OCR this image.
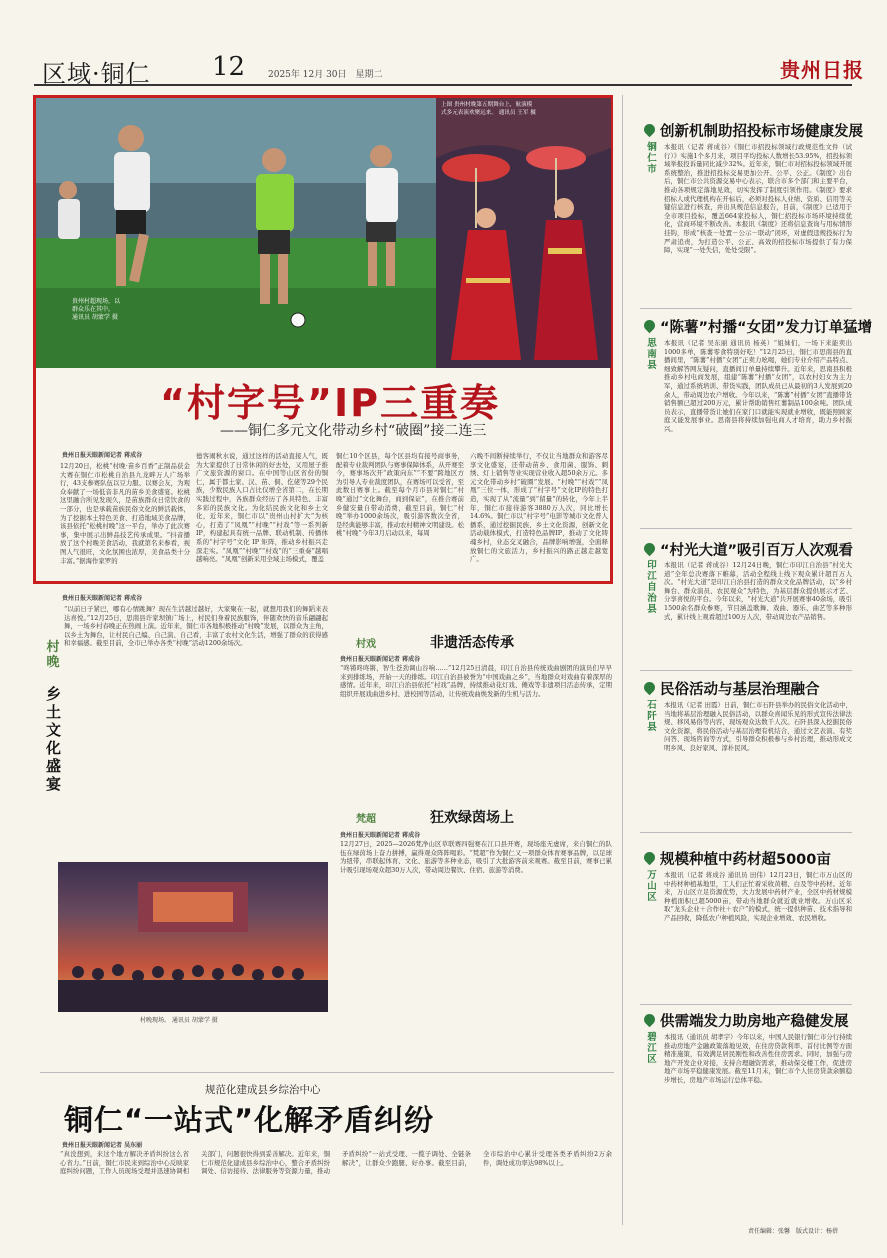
区域·铜仁 12	2025年 12月 30日　星期二	贵州日报
贵州村超现场，以
群众乐在其中。
通讯员 胡蒙学 摄
上图 贵州村晚第五期舞台上，航演模
式多元表演欢聚远来。 通讯员 王军 摄
“村字号”IP三重奏
——铜仁多元文化带动乡村“破圈”接二连三
贵州日报天眼新闻记者 蒋成谷
12月20日，松桃“村晚·苗乡百香”正制品获金大赛在铜仁市松桃自治县九龙畔万人广场举行，43支参赛队伍以豆力服、以赛会友，为观众奉献了一场低音非凡的苗乡美食盛宴。松桃这里融合所见发现久，是苗族群众日常饮食的一部分，也是承载苗族民俗文化的鲜活载体，为了挖掘本土特色美食、打造地域美食品牌，该县依托“松桃村晚”这一平台，举办了此次赛事，集中展示出鲜品技艺传承成果。“抖音播放了这个村晚美食活动，我就第名来参看，视图人气很旺，文化氛围也浓厚，美食品类十分丰富。”据海作家罗的
德客闹秋水说，通过这样的活动直接人气，既为大家提供了日常休闲的好去处，又用屋子推广文旅资源的窗口。在中国等山区省份的铜仁，属于都土家、汉、苗、侗、仡佬等29个民族，少数民族人口占比仅增全省第二，在长期实践过程中，各族群众经历了各具特色、丰富多彩的民族文化。为化结民族文化和乡土文化，近年来，铜仁市以“贵州山村扩大”为核心，打造了“凤凰”“村晚”“村戏”等一系列新IP，构建起具有统一品牌、联动机制、传播体系的“村字号”文化 IP 矩阵，推动乡村振兴走深走实。“凤凰”“村晚”“村戏”的“三重奏”越唱越响亮。“凤凰”创新采用全域主场模式，覆盖
铜仁10个区县，每个区县均有接号商事务，配着专业裁判团队与赛事保障体系，从开赛至今，赛事场次开“政策向东”“不要”跨地区方为引导人专业裁度团队，在赛场可以受省，至此数日赛事上。截至每个月市县对铜仁“村晚”通过“文化舞台，商到保证”，在推合赛前乡健安量自带动消费，截至目前，铜仁“村晚”举办1000余场次，吸引游客数次全省，是经典能够丰富，推动农村精神文明建设。松桃“村晚”今年3月启动以来，每周
六晚不间断持续举行，不仅让当地群众和游客尽享文化盛宴，还带动苗乡、食用菌、服饰、刺绣、灯上销售等业实现营业收入超50余万元。多元文化带动乡村“破圈”发展。“村晚”“村戏”“凤凰”三位一体，形成了“村字号”文化IP的特色打造，实现了从“流量”到“留量”的转化，今年上半年，铜仁市接待游客3880万人次，同比增长14.6%。铜仁市以“村字号”电影等城市文化普人播系，通过挖掘民族、乡土文化资源，创新文化活动载体模式，打造特色品牌IP，推动了文化铸魂乡村，业态交叉融合，品牌影响增强，全面释放铜仁的文旅活力，乡村振兴的路正越走越宽广。
创新机制助招投标市场健康发展
铜仁市
本报讯（记者 蒋成谷）《铜仁市招投标领域行政规范性文件（试行）》实施1个多月来，项目平均投标人数增长53.95%，招投标领域举报投诉量同比减少32%。近年来，铜仁市对招标投标领域开展系统整治，推进招投标交易更加公开、公平、公正。《制度》出台后，铜仁市公共资源交易中心表示，联合市多个部门和主要平台，推动各项规定落地见效，切实发挥了制度引领作用。《制度》要求招标人或代理机构在开标后，必须对投标人业绩、资质、信用等关键信息进行核查，并出具规范信息报告，目前，《制度》已适用于全市项目投标，覆盖664家投标人，铜仁招投标市场环境持续优化，营商环境不断改善。本报讯《制度》还将信息查询与用标情形挂钩，形成“核查－处置－公示－联动”闭环，对虚假违规投标行为严肃追责，为打造公平、公正、高效的招投标市场提供了有力保障，实现“一处失信，处处受限”。
“陈薯”村播“女团”发力订单猛增
思南县
本报讯（记者 吴东丽 通讯员 杨英）“姐妹们，一场下来能卖出1000多单，陈薯零食特别好吃！”12月25日，铜仁市思南县的直播间里，“陈薯”村播“女团”正卖力吆喝，她们专业介绍产品特点、细致解答网友疑问，直播间订单量持续攀升。近年来，思南县积极推动乡村电商发展，组建“陈薯”村播“女团”，以农村妇女为主力军，通过系统培训、带货实践，团队成员已从最初的3人发展到20余人，带动周边农户增收。今年以来，“陈薯”村播“女团”直播带货销售额已超过200万元，累计帮助销售红薯制品100余吨。团队成员表示，直播带货让她们在家门口就能实现就业增收，既能照顾家庭又能发展事业。思南县将持续加强电商人才培育，助力乡村振兴。
“村光大道”吸引百万人次观看
印江自治县
本报讯（记者 蒋成谷）12月24日晚，铜仁市印江自治县“村光大道”全年总决赛落下帷幕，活动全程线上线下观众累计超百万人次。“村光大道”是印江自治县打造的群众文化品牌活动，以“乡村舞台、群众演员、农民观众”为特色，为基层群众提供展示才艺、分享喜悦的平台。今年以来，“村光大道”共开展赛事40余场，吸引1500余名群众参赛，节目涵盖歌舞、戏曲、器乐、曲艺等多种形式，累计线上观看超过100万人次，带动周边农产品销售。
民俗活动与基层治理融合
石阡县
本报讯（记者 田霞）日前，铜仁市石阡县举办的民俗文化活动中，当地将基层治理融入民俗活动，以群众喜闻乐见的形式宣传法律法规、移风易俗等内容，现场观众达数千人次。石阡县深入挖掘民俗文化资源，将民俗活动与基层治理有机结合，通过文艺表演、有奖问答、现场咨询等方式，引导群众积极参与乡村治理，推动形成文明乡风、良好家风、淳朴民风。
规模种植中药材超5000亩
万山区
本报讯（记者 蒋成谷 通讯员 田伟）12月23日，铜仁市万山区的中药材种植基地里，工人们正忙着采收黄精、白及等中药材。近年来，万山区立足资源优势，大力发展中药材产业，全区中药材规模种植面积已超5000亩，带动当地群众就近就业增收。万山区采取“龙头企业＋合作社＋农户”的模式，统一提供种苗、技术指导和产品回收，降低农户种植风险，实现企业增效、农民增收。
供需端发力助房地产稳健发展
碧江区
本报讯（通讯员 胡孝宇）今年以来，中国人民银行铜仁市分行持续推动房地产金融政策落地见效，在住房贷款利率、首付比例等方面精准施策，有效满足居民刚性和改善性住房需求。同时，加强与房地产开发企业对接，支持合理融资需求，推动保交楼工作，促进房地产市场平稳健康发展。截至11月末，铜仁市个人住房贷款余额稳步增长，房地产市场运行总体平稳。
贵州日报天眼新闻记者 蒋成谷
村晚
乡土文化盛宴
“以前日子紧巴，哪有心情跳舞？现在生活越过越好，大家聚在一起，就想用我们的舞蹈来表达喜悦。”12月25日，思南县许家坝镇广场上，村民们身着民族服饰，伴随欢快的音乐翩翩起舞，一场乡村春晚正在热闹上演。近年来，铜仁市各地积极推动“村晚”发展，以群众为主角，以乡土为舞台，让村民自己编、自己演、自己看，丰富了农村文化生活，增强了群众的获得感和幸福感。截至目前，全市已举办各类“村晚”活动1200余场次。
村晚现场。 通讯员 胡蒙学 摄
村戏	非遗活态传承
贵州日报天眼新闻记者 蒋成谷
“咚锵咚咚锵，智生苍劲调山谷响……”12月25日清晨，印江自治县传统戏曲剧团的演员们早早来到排练场，开始一天的排练。印江自治县被誉为“中国戏曲之乡”，当地群众对戏曲有着深厚的感情。近年来，印江自治县依托“村戏”品牌，持续推动花灯戏、傩戏等非遗项目活态传承，定期组织开展戏曲进乡村、进校园等活动，让传统戏曲焕发新的生机与活力。
梵超	狂欢绿茵场上
贵州日报天眼新闻记者 蒋成谷
12月27日，2025—2026梵净山区草联赛四强赛在江口县开赛，现场座无虚席，来自铜仁的队伍在绿茵场上奋力拼搏，赢得观众阵阵喝彩。“梵超”作为铜仁又一项群众体育赛事品牌，以足球为纽带，串联起体育、文化、旅游等多种业态，吸引了大批游客前来观赛。截至目前，赛事已累计吸引现场观众超30万人次，带动周边餐饮、住宿、旅游等消费。
规范化建成县乡综治中心
铜仁“一站式”化解矛盾纠纷
贵州日报天眼新闻记者 吴东丽
“真没想到，来这个地方解决矛盾纠纷这么省心省力。”日前，铜仁市民来到综治中心反映家庭纠纷问题，工作人员现场受理并迅速协调相关部门，问题很快得到妥善解决。近年来，铜仁市规范化建成县乡综治中心，整合矛盾纠纷调处、信访接待、法律服务等资源力量，推动矛盾纠纷“一站式受理、一揽子调处、全链条解决”，让群众少跑腿、好办事。截至目前，全市综治中心累计受理各类矛盾纠纷2万余件，调处成功率达98%以上。
责任编辑：张馨　版式设计：杨蓓
